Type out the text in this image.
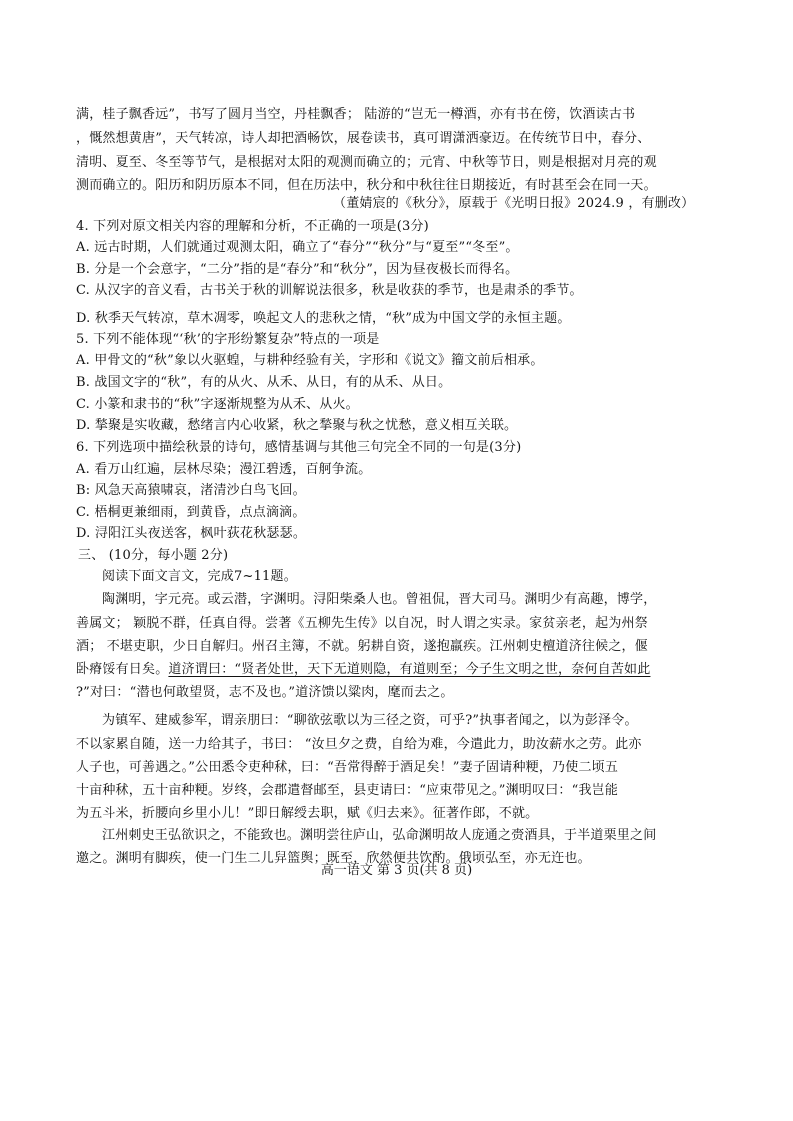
满，桂子飘香远”，书写了圆月当空，丹桂飘香； 陆游的“岂无一樽酒，亦有书在傍，饮酒读古书
，慨然想黄唐”，天气转凉，诗人却把酒畅饮，展卷读书，真可谓潇洒豪迈。在传统节日中，春分、
清明、夏至、冬至等节气，是根据对太阳的观测而确立的；元宵、中秋等节日，则是根据对月亮的观
测而确立的。阳历和阴历原本不同，但在历法中，秋分和中秋往往日期接近，有时甚至会在同一天。
（董婧宸的《秋分》，原载于《光明日报》2024.9 ，有删改）
4. 下列对原文相关内容的理解和分析，不正确的一项是(3分)
A. 远古时期，人们就通过观测太阳，确立了“春分”“秋分”与“夏至”“冬至”。
B. 分是一个会意字，“二分”指的是“春分”和“秋分”，因为昼夜极长而得名。
C. 从汉字的音义看，古书关于秋的训解说法很多，秋是收获的季节，也是肃杀的季节。
D. 秋季天气转凉，草木凋零，唤起文人的悲秋之情，“秋”成为中国文学的永恒主题。
5. 下列不能体现“‘秋’的字形纷繁复杂”特点的一项是
A. 甲骨文的“秋”象以火驱蝗，与耕种经验有关，字形和《说文》籀文前后相承。
B. 战国文字的“秋”，有的从火、从禾、从日，有的从禾、从日。
C. 小篆和隶书的“秋”字逐渐规整为从禾、从火。
D. 揫聚是实收藏，愁绪言内心收紧，秋之揫聚与秋之忧愁，意义相互关联。
6. 下列选项中描绘秋景的诗句，感情基调与其他三句完全不同的一句是(3分)
A. 看万山红遍，层林尽染；漫江碧透，百舸争流。
B: 风急天高猿啸哀，渚清沙白鸟飞回。
C. 梧桐更兼细雨，到黄昏，点点滴滴。
D. 浔阳江头夜送客，枫叶荻花秋瑟瑟。
三、 (10分，每小题 2分)
阅读下面文言文，完成7~11题。
陶渊明，字元亮。或云潜，字渊明。浔阳柴桑人也。曾祖侃，晋大司马。渊明少有高趣，博学，
善属文； 颖脱不群，任真自得。尝著《五柳先生传》以自况，时人谓之实录。家贫亲老，起为州祭
酒； 不堪吏职，少日自解归。州召主簿，不就。躬耕自资，遂抱羸疾。江州刺史檀道济往候之，偃
卧瘠馁有日矣。道济谓曰：“贤者处世，天下无道则隐，有道则至；今子生文明之世，奈何自苦如此
?”对曰：“潜也何敢望贤，志不及也。”道济馈以粱肉，麾而去之。
为镇军、建威参军，谓亲朋曰：“聊欲弦歌以为三径之资，可乎?”执事者闻之，以为彭泽令。
不以家累自随，送一力给其子，书曰： “汝旦夕之费，自给为难，今遣此力，助汝薪水之劳。此亦
人子也，可善遇之。”公田悉令吏种秫，曰：“吾常得醉于酒足矣！”妻子固请种粳，乃使二顷五
十亩种秫，五十亩种粳。岁终，会郡遣督邮至，县吏请曰：“应束带见之。”渊明叹曰：“我岂能
为五斗米，折腰向乡里小儿！”即日解绶去职，赋《归去来》。征著作郎，不就。
江州刺史王弘欲识之，不能致也。渊明尝往庐山，弘命渊明故人庞通之赍酒具，于半道栗里之间
邀之。渊明有脚疾，使一门生二儿舁篮舆；既至，欣然便共饮酌。俄顷弘至，亦无迕也。
高一语文 第 3 页(共 8 页)
